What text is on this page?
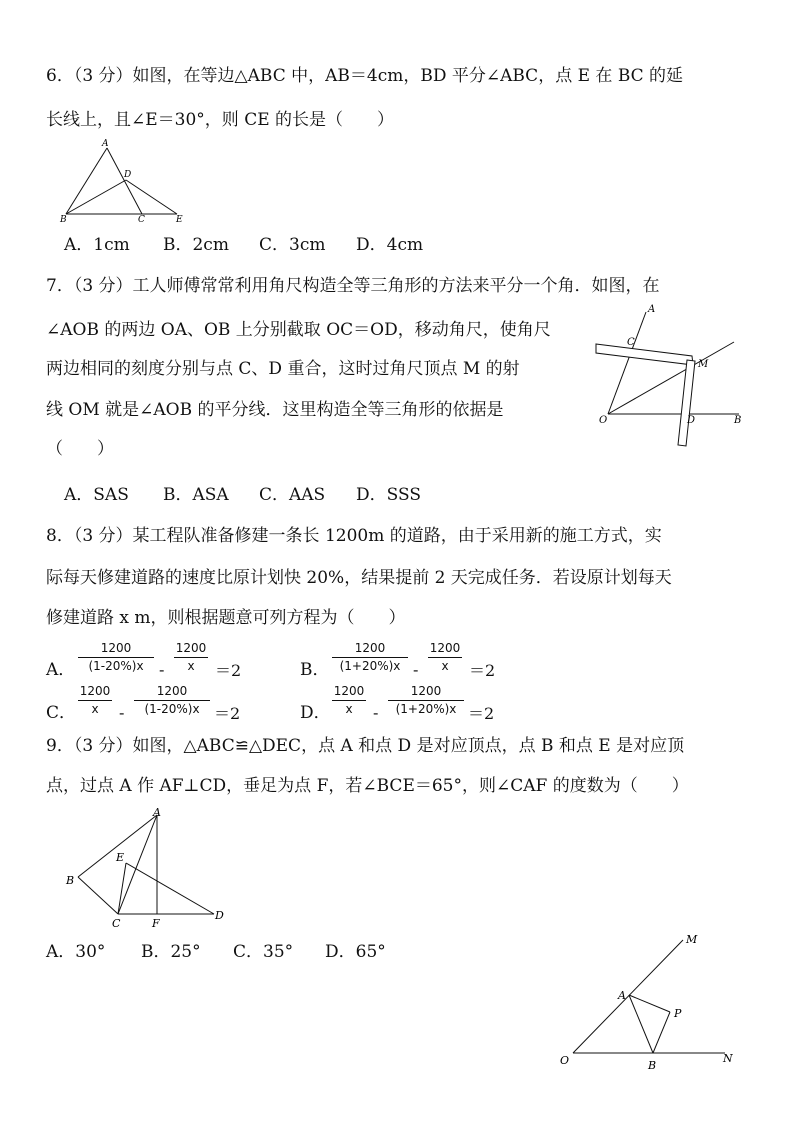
6．（3 分）如图，在等边△ABC 中，AB＝4cm，BD 平分∠ABC，点 E 在 BC 的延
长线上，且∠E＝30°，则 CE 的长是（　　）
A
D
B	C	E
A．1cm B．2cm C．3cm D．4cm
7．（3 分）工人师傅常常利用角尺构造全等三角形的方法来平分一个角．如图，在
∠AOB 的两边 OA、OB 上分别截取 OC＝OD，移动角尺，使角尺
两边相同的刻度分别与点 C、D 重合，这时过角尺顶点 M 的射
线 OM 就是∠AOB 的平分线．这里构造全等三角形的依据是
（　　）
A
C
M
O	D	B
A．SAS B．ASA C．AAS D．SSS
8．（3 分）某工程队准备修建一条长 1200m 的道路，由于采用新的施工方式，实
际每天修建道路的速度比原计划快 20%，结果提前 2 天完成任务．若设原计划每天
修建道路 x m，则根据题意可列方程为（　　）
A．
1200
(1-20%)x -
1200
x	＝2	B．
1200
(1+20%)x -
1200
x	＝2
C．
1200
x	-
1200
(1-20%)x ＝2	D．
1200
x	-
1200
(1+20%)x ＝2
9．（3 分）如图，△ABC≌△DEC，点 A 和点 D 是对应顶点，点 B 和点 E 是对应顶
点，过点 A 作 AF⊥CD，垂足为点 F，若∠BCE＝65°，则∠CAF 的度数为（　　）
A
E
B
C	F
D
A．30° B．25° C．35° D．65°
M
A
P
O	B
N
